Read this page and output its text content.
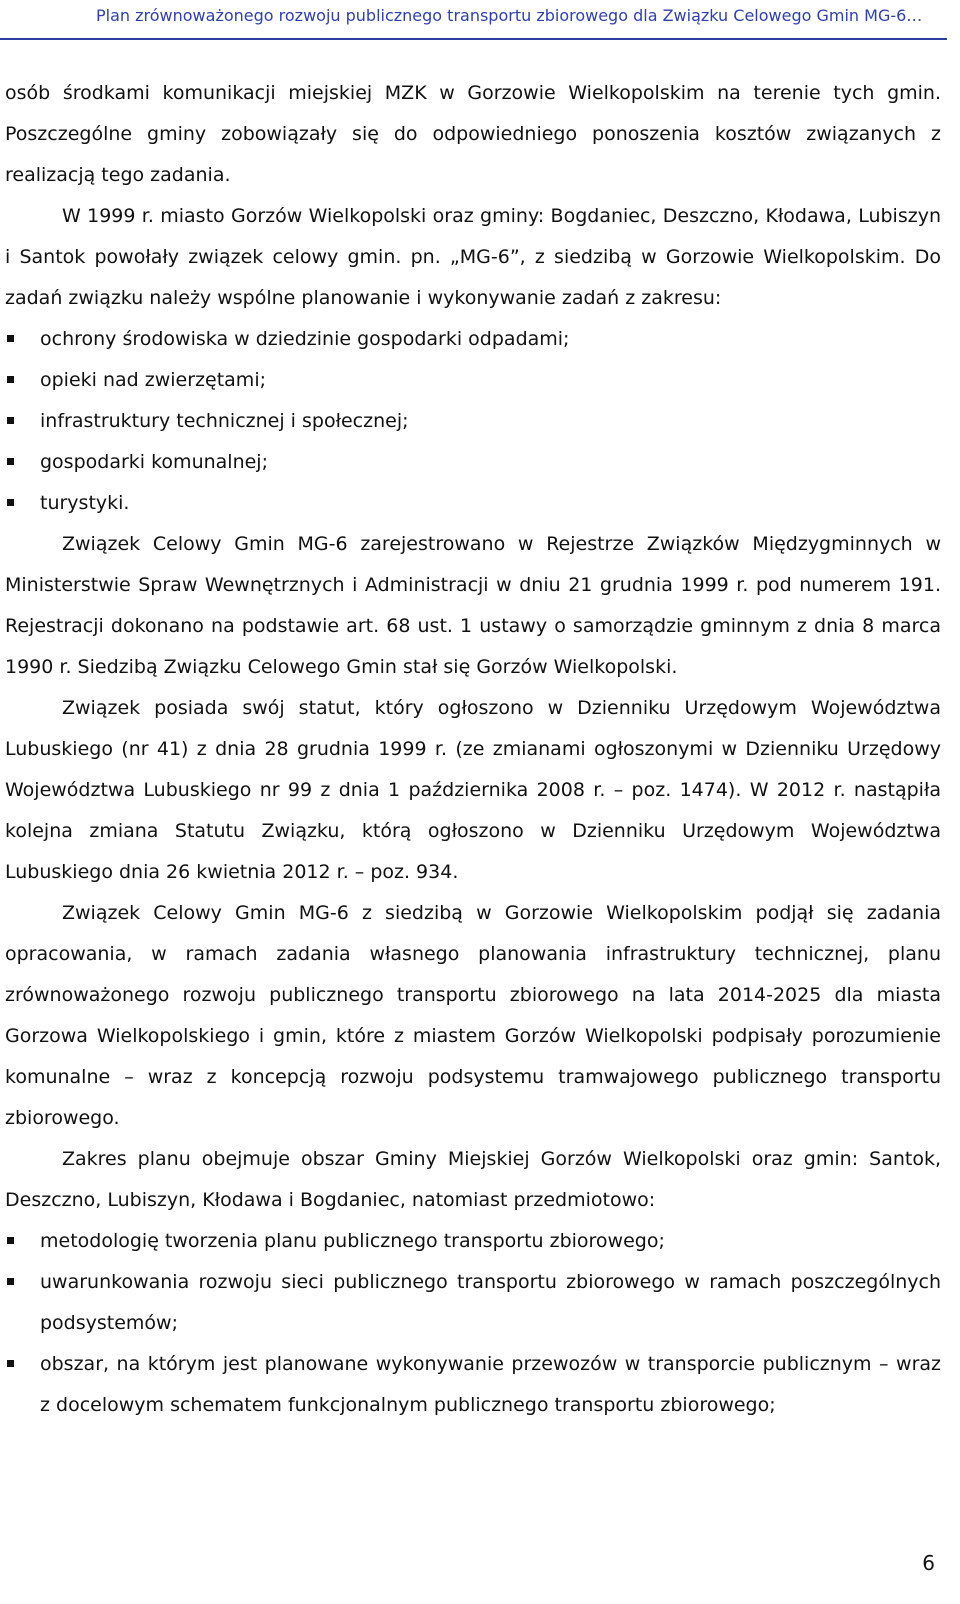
Plan zrównoważonego rozwoju publicznego transportu zbiorowego dla Związku Celowego Gmin MG-6…

osób środkami komunikacji miejskiej MZK w Gorzowie Wielkopolskim na terenie tych gmin. Poszczególne gminy zobowiązały się do odpowiedniego ponoszenia kosztów związanych z realizacją tego zadania.

W 1999 r. miasto Gorzów Wielkopolski oraz gminy: Bogdaniec, Deszczno, Kłodawa, Lubiszyn i Santok powołały związek celowy gmin. pn. „MG-6”, z siedzibą w Gorzowie Wielkopolskim. Do zadań związku należy wspólne planowanie i wykonywanie zadań z zakresu:

ochrony środowiska w dziedzinie gospodarki odpadami;
opieki nad zwierzętami;
infrastruktury technicznej i społecznej;
gospodarki komunalnej;
turystyki.

Związek Celowy Gmin MG-6 zarejestrowano w Rejestrze Związków Międzygminnych w Ministerstwie Spraw Wewnętrznych i Administracji w dniu 21 grudnia 1999 r. pod numerem 191. Rejestracji dokonano na podstawie art. 68 ust. 1 ustawy o samorządzie gminnym z dnia 8 marca 1990 r. Siedzibą Związku Celowego Gmin stał się Gorzów Wielkopolski.

Związek posiada swój statut, który ogłoszono w Dzienniku Urzędowym Województwa Lubuskiego (nr 41) z dnia 28 grudnia 1999 r. (ze zmianami ogłoszonymi w Dzienniku Urzędowy Województwa Lubuskiego nr 99 z dnia 1 października 2008 r. – poz. 1474). W 2012 r. nastąpiła kolejna zmiana Statutu Związku, którą ogłoszono w Dzienniku Urzędowym Województwa Lubuskiego dnia 26 kwietnia 2012 r. – poz. 934.

Związek Celowy Gmin MG-6 z siedzibą w Gorzowie Wielkopolskim podjął się zadania opracowania, w ramach zadania własnego planowania infrastruktury technicznej, planu zrównoważonego rozwoju publicznego transportu zbiorowego na lata 2014-2025 dla miasta Gorzowa Wielkopolskiego i gmin, które z miastem Gorzów Wielkopolski podpisały porozumienie komunalne – wraz z koncepcją rozwoju podsystemu tramwajowego publicznego transportu zbiorowego.

Zakres planu obejmuje obszar Gminy Miejskiej Gorzów Wielkopolski oraz gmin: Santok, Deszczno, Lubiszyn, Kłodawa i Bogdaniec, natomiast przedmiotowo:

metodologię tworzenia planu publicznego transportu zbiorowego;
uwarunkowania rozwoju sieci publicznego transportu zbiorowego w ramach poszczególnych podsystemów;
obszar, na którym jest planowane wykonywanie przewozów w transporcie publicznym – wraz z docelowym schematem funkcjonalnym publicznego transportu zbiorowego;
6
